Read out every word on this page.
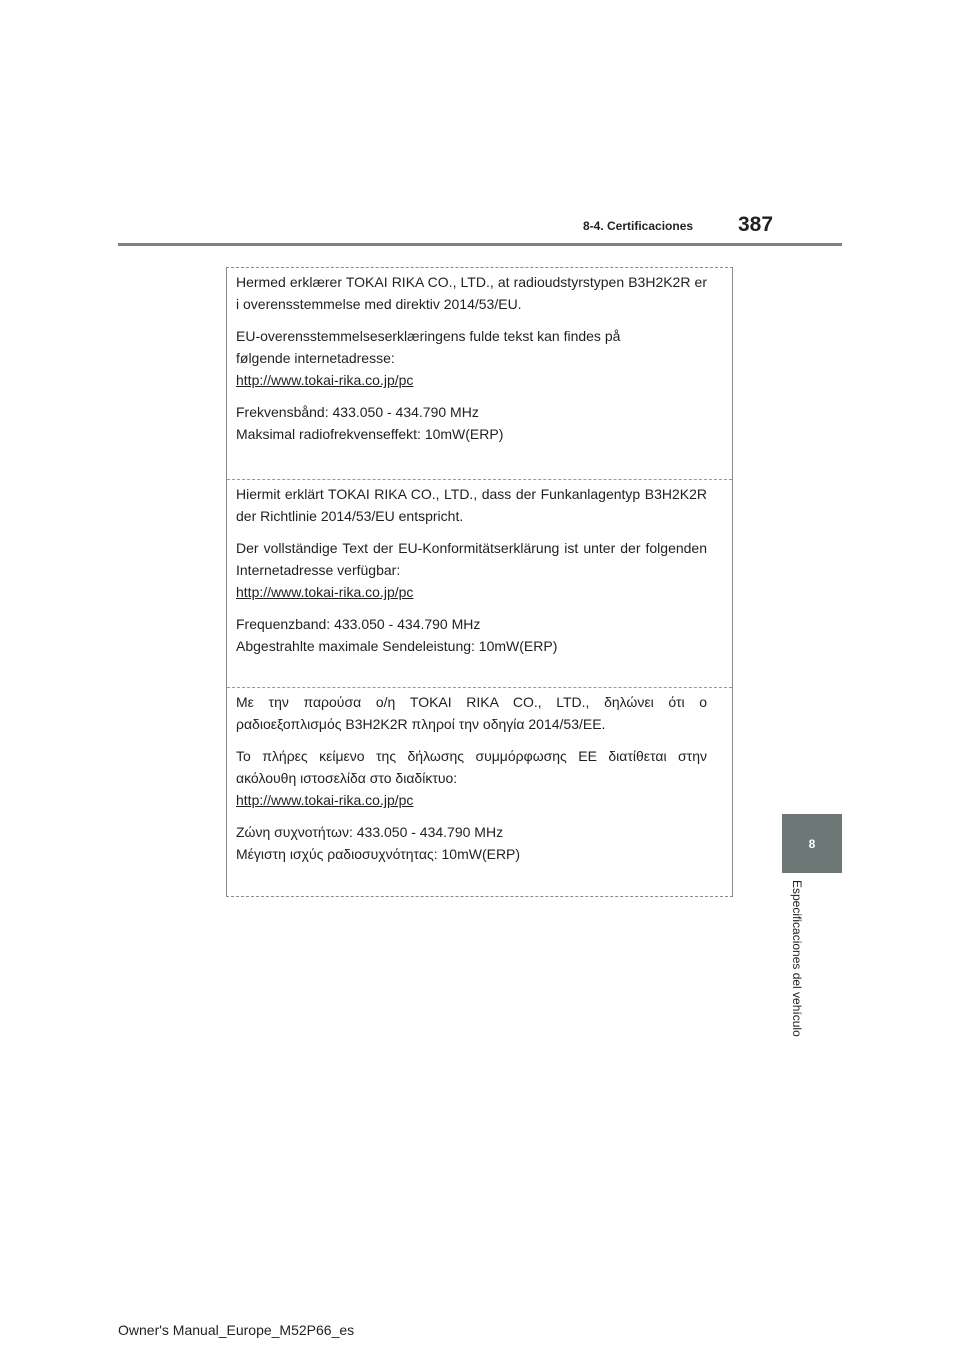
8-4. Certificaciones 387
8
Especificaciones del vehículo

Hermed erklærer TOKAI RIKA CO., LTD., at radioudstyrstypen B3H2K2R er i overensstemmelse med direktiv 2014/53/EU.

EU-overensstemmelseserklæringens fulde tekst kan findes på

følgende internetadresse:

http://www.tokai-rika.co.jp/pc

Frekvensbånd: 433.050 - 434.790 MHz

Maksimal radiofrekvenseffekt: 10mW(ERP)

Hiermit erklärt TOKAI RIKA CO., LTD., dass der Funkanlagentyp B3H2K2R der Richtlinie 2014/53/EU entspricht.

Der vollständige Text der EU-Konformitätserklärung ist unter der folgenden Internetadresse verfügbar:

http://www.tokai-rika.co.jp/pc

Frequenzband: 433.050 - 434.790 MHz

Abgestrahlte maximale Sendeleistung: 10mW(ERP)

Με την παρούσα ο/η TOKAI RIKA CO., LTD., δηλώνει ότι ο ραδιοεξοπλισμός B3H2K2R πληροί την οδηγία 2014/53/ΕΕ.

Το πλήρες κείμενο της δήλωσης συμμόρφωσης ΕΕ διατίθεται στην ακόλουθη ιστοσελίδα στο διαδίκτυο:

http://www.tokai-rika.co.jp/pc

Ζώνη συχνοτήτων: 433.050 - 434.790 MHz

Μέγιστη ισχύς ραδιοσυχνότητας: 10mW(ERP)

Owner's Manual_Europe_M52P66_es
